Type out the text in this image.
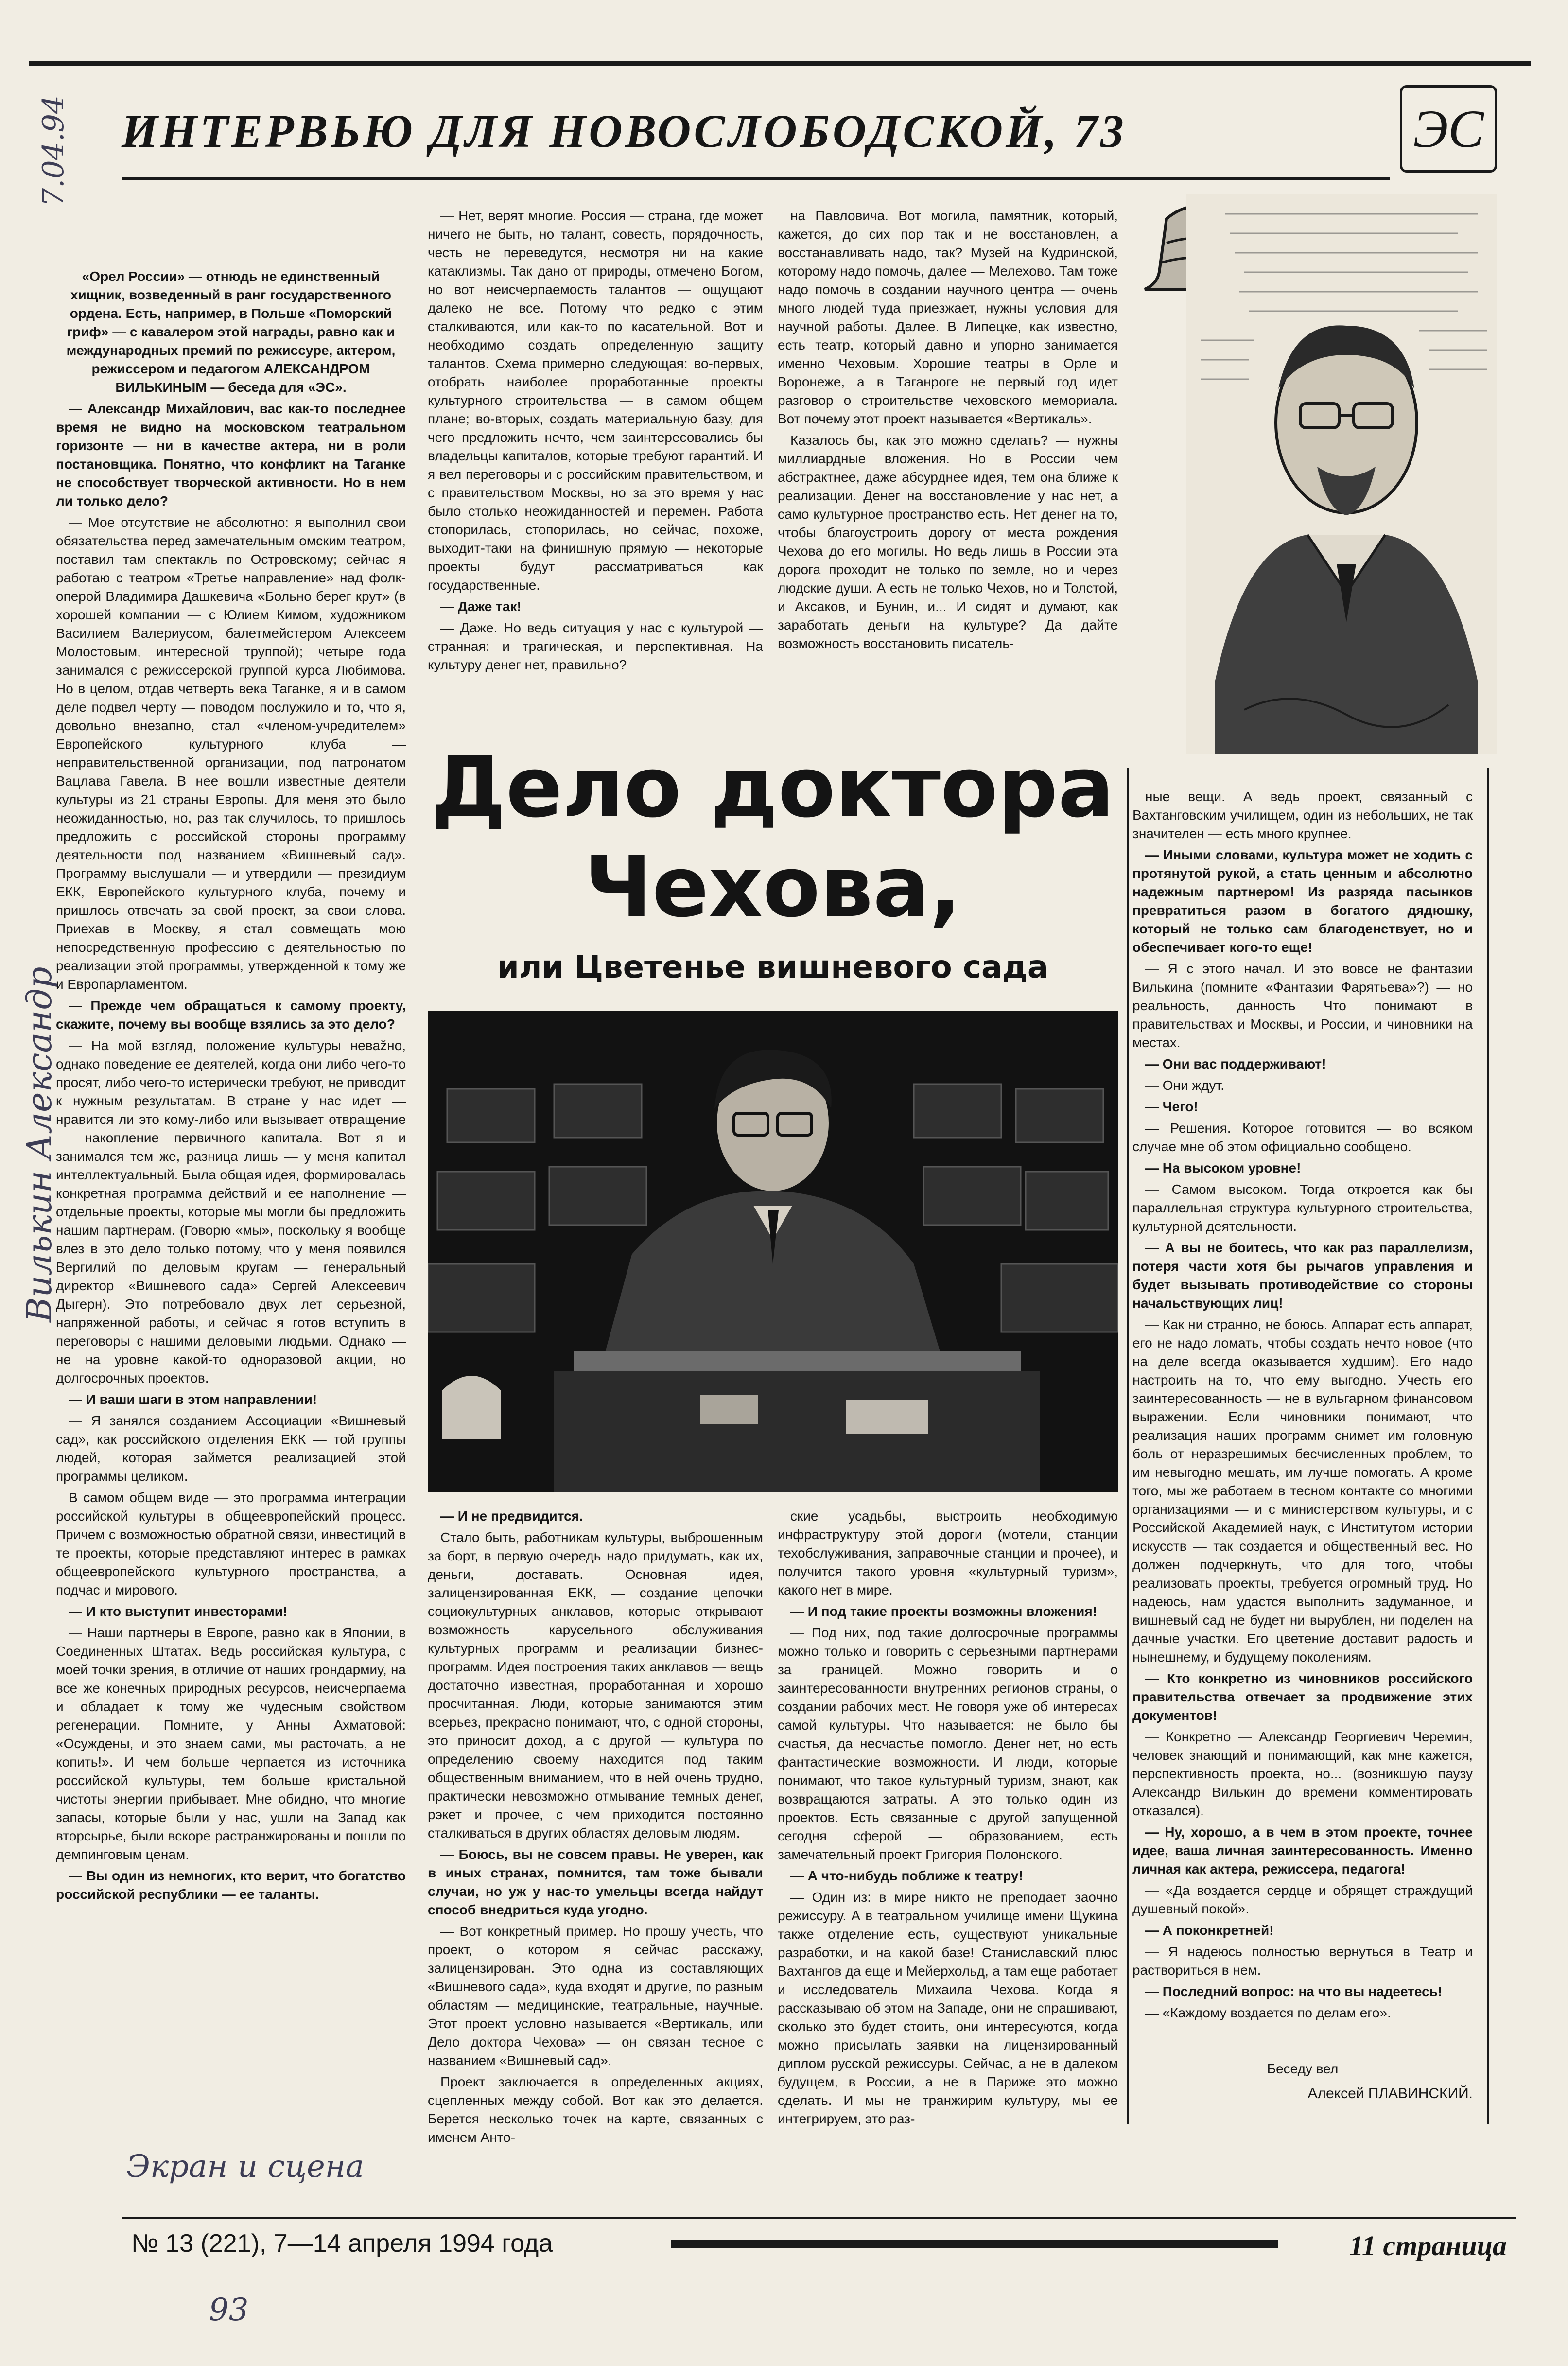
7.04.94
Вилькин Александр
ИНТЕРВЬЮ ДЛЯ НОВОСЛОБОДСКОЙ, 73	ЭС

«Орел России» — отнюдь не единственный хищник, возведенный в ранг государственного ордена. Есть, например, в Польше «Поморский гриф» — с кавалером этой награды, равно как и международных премий по режиссуре, актером, режиссером и педагогом АЛЕКСАНДРОМ ВИЛЬКИНЫМ — беседа для «ЭС».

— Александр Михайлович, вас как-то последнее время не видно на московском театральном горизонте — ни в качестве актера, ни в роли постановщика. Понятно, что конфликт на Таганке не способствует творческой активности. Но в нем ли только дело?

— Мое отсутствие не абсолютно: я выполнил свои обязательства перед замечательным омским театром, поставил там спектакль по Островскому; сейчас я работаю с театром «Третье направление» над фолк-оперой Владимира Дашкевича «Больно берег крут» (в хорошей компании — с Юлием Кимом, художником Василием Валериусом, балетмейстером Алексеем Молостовым, интересной труппой); четыре года занимался с режиссерской группой курса Любимова. Но в целом, отдав четверть века Таганке, я и в самом деле подвел черту — поводом послужило и то, что я, довольно внезапно, стал «членом-учредителем» Европейского культурного клуба — неправительственной организации, под патронатом Вацлава Гавела. В нее вошли известные деятели культуры из 21 страны Европы. Для меня это было неожиданностью, но, раз так случилось, то пришлось предложить с российской стороны программу деятельности под названием «Вишневый сад». Программу выслушали — и утвердили — президиум ЕКК, Европейского культурного клуба, почему и пришлось отвечать за свой проект, за свои слова. Приехав в Москву, я стал совмещать мою непосредственную профессию с деятельностью по реализации этой программы, утвержденной к тому же и Европарламентом.

— Прежде чем обращаться к самому проекту, скажите, почему вы вообще взялись за это дело?

— На мой взгляд, положение культуры невažно, однако поведение ее деятелей, когда они либо чего-то просят, либо чего-то истерически требуют, не приводит к нужным результатам. В стране у нас идет — нравится ли это кому-либо или вызывает отвращение — накопление первичного капитала. Вот я и занимался тем же, разница лишь — у меня капитал интеллектуальный. Была общая идея, формировалась конкретная программа действий и ее наполнение — отдельные проекты, которые мы могли бы предложить нашим партнерам. (Говорю «мы», поскольку я вообще влез в это дело только потому, что у меня появился Вергилий по деловым кругам — генеральный директор «Вишневого сада» Сергей Алексеевич Дыгерн). Это потребовало двух лет серьезной, напряженной работы, и сейчас я готов вступить в переговоры с нашими деловыми людьми. Однако — не на уровне какой-то одноразовой акции, но долгосрочных проектов.

— И ваши шаги в этом направлении!

— Я занялся созданием Ассоциации «Вишневый сад», как российского отделения ЕКК — той группы людей, которая займется реализацией этой программы целиком.

В самом общем виде — это программа интеграции российской культуры в общеевропейский процесс. Причем с возможностью обратной связи, инвестиций в те проекты, которые представляют интерес в рамках общеевропейского культурного пространства, а подчас и мирового.

— И кто выступит инвесторами!

— Наши партнеры в Европе, равно как в Японии, в Соединенных Штатах. Ведь российская культура, с моей точки зрения, в отличие от наших грондармиy, на все же конечных природных ресурсов, неисчерпаема и обладает к тому же чудесным свойством регенерации. Помните, у Анны Ахматовой: «Осуждены, и это знаем сами, мы расточать, а не копить!». И чем больше черпается из источника российской культуры, тем больше кристальной чистоты энергии прибывает. Мне обидно, что многие запасы, которые были у нас, ушли на Запад как вторсырье, были вскоре растранжированы и пошли по демпинговым ценам.

— Вы один из немногих, кто верит, что богатство российской республики — ее таланты.

— Нет, верят многие. Россия — страна, где может ничего не быть, но талант, совесть, порядочность, честь не переведутся, несмотря ни на какие катаклизмы. Так дано от природы, отмечено Богом, но вот неисчерпаемость талантов — ощущают далеко не все. Потому что редко с этим сталкиваются, или как-то по касательной. Вот и необходимо создать определенную защиту талантов. Схема примерно следующая: во-первых, отобрать наиболее проработанные проекты культурного строительства — в самом общем плане; во-вторых, создать материальную базу, для чего предложить нечто, чем заинтересовались бы владельцы капиталов, которые требуют гарантий. И я вел переговоры и с российским правительством, и с правительством Москвы, но за это время у нас было столько неожиданностей и перемен. Работа стопорилась, стопорилась, но сейчас, похоже, выходит-таки на финишную прямую — некоторые проекты будут рассматриваться как государственные.

— Даже так!

— Даже. Но ведь ситуация у нас с культурой — странная: и трагическая, и перспективная. На культуру денег нет, правильно?

на Павловича. Вот могила, памятник, который, кажется, до сих пор так и не восстановлен, а восстанавливать надо, так? Музей на Кудринской, которому надо помочь, далее — Мелехово. Там тоже надо помочь в создании научного центра — очень многo людей туда приезжает, нужны условия для научной работы. Далее. В Липецке, как известно, есть театр, который давно и упорно занимается именно Чеховым. Хорошие театры в Орле и Воронеже, а в Таганроге не первый год идет разговор о строительстве чеховского мемориала. Вот почему этот проект называется «Вертикаль».

Казалось бы, как это можно сделать? — нужны миллиардные вложения. Но в России чем абстрактнее, даже абсурднее идея, тем она ближе к реализации. Денег на восстановление у нас нет, а само культурное пространство есть. Нет денег на то, чтобы благоустроить дорогу от места рождения Чехова до его могилы. Но ведь лишь в России эта дорога проходит не только по земле, но и через людские души. А есть не только Чехов, но и Толстой, и Аксаков, и Бунин, и... И сидят и думают, как заработать деньги на культуре? Да дайте возможность восстановить писатель-

Дело доктора
Чехова,
или Цветенье вишневого сада

— И не предвидится.

Стало быть, работникам культуры, выброшенным за борт, в первую очередь надо придумать, как их, деньги, доставать. Основная идея, залицензированная ЕКК, — создание цепочки социокультурных анклавов, которые открывают возможность карусельного обслуживания культурных программ и реализации бизнес-программ. Идея построения таких анклавов — вещь достаточно известная, проработанная и хорошо просчитанная. Люди, которые занимаются этим всерьез, прекрасно понимают, что, с одной стороны, это приносит доход, а с другой — культура по определению своему находится под таким общественным вниманием, что в ней очень трудно, практически невозможно отмывание темных денег, рэкет и прочее, с чем приходится постоянно сталкиваться в других областях деловым людям.

— Боюсь, вы не совсем правы. Не уверен, как в иных странах, помнится, там тоже бывали случаи, но уж у наc-то умельцы всегда найдут способ внедриться куда угодно.

— Вот конкретный пример. Но прошу учесть, что проект, о котором я сейчас расскажу, залицензирован. Это одна из составляющих «Вишневого сада», куда входят и другие, по разным областям — медицинские, театральные, научные. Этот проект условно называется «Вертикаль, или Дело доктора Чехова» — он связан тесное с названием «Вишневый сад».

Проект заключается в определенных акциях, сцепленных между собой. Вот как это делается. Берется несколько точек на карте, связанных с именем Анто-

ские усадьбы, выстроить необходимую инфраструктуру этой дороги (мотели, станции техобслуживания, заправочные станции и прочее), и получится такого уровня «культурный туризм», какого нет в мире.

— И под такие проекты возможны вложения!

— Под них, под такие долгосрочные программы можно только и говорить с серьезными партнерами за границей. Можно говорить и о заинтересованности внутренних регионов страны, о создании рабочих мест. Не говоря уже об интересах самой культуры. Что называется: не было бы счастья, да несчастье помогло. Денег нет, но есть фантастические возможности. И люди, которые понимают, что такое культурный туризм, знают, как возвращаются затраты. А это только один из проектов. Есть связанные с другой запущенной сегодня сферой — образованием, есть замечательный проект Григория Полонского.

— А что-нибудь поближе к театру!

— Один из: в мире никто не преподает заочно режиссуру. А в театральном училище имени Щукина также отделение есть, существуют уникальные разработки, и на какой базе! Станиславский плюс Вахтангов да еще и Мейерхольд, а там еще работает и исследователь Михаила Чехова. Когда я рассказываю об этом на Западе, они не спрашивают, сколько это будет стоить, они интересуются, когда можно присылать заявки на лицензированный диплом русской режиссуры. Сейчас, а не в далеком будущем, в России, а не в Париже это можно сделать. И мы не транжирим культуру, мы ее интегрируем, это раз-

ные вещи. А ведь проект, связанный с Вахтанговским училищем, один из небольших, не так значителен — есть много крупнее.

— Иными словами, культура может не ходить с протянутой рукой, а стать ценным и абсолютно надежным партнером! Из разряда пасынков превратиться разом в богатого дядюшку, который не только сам благоденствует, но и обеспечивает кого-то еще!

— Я с этого начал. И это вовсе не фантазии Вилькина (помните «Фантазии Фарятьева»?) — но реальность, данность Что понимают в правительствах и Москвы, и России, и чиновники на местах.

— Они вас поддерживают!

— Они ждут.

— Чего!

— Решения. Которое готовится — во всяком случае мне об этом официально сообщено.

— На высоком уровне!

— Самом высоком. Тогда откроется как бы параллельная структура культурного строительства, культурной деятельности.

— А вы не боитесь, что как раз параллелизм, потеря части хотя бы рычагов управления и будет вызывать противодействие со стороны начальствующих лиц!

— Как ни странно, не боюсь. Аппарат есть аппарат, его не надо ломать, чтобы создать нечто новое (что на деле всегда оказывается худшим). Его надо настроить на то, что ему выгодно. Учесть его заинтересованность — не в вульгарном финансовом выражении. Если чиновники понимают, что реализация наших программ снимет им головную боль от неразрешимых бесчисленных проблем, то им невыгодно мешать, им лучше помогать. А кроме того, мы же работаем в тесном контакте со многими организациями — и с министерством культуры, и с Российской Академией наук, с Институтом истории искусств — так создается и общественный вес. Но должен подчеркнуть, что для того, чтобы реализовать проекты, требуется огромный труд. Но надеюсь, нам удастся выполнить задуманное, и вишневый сад не будет ни вырублен, ни поделен на дачные участки. Его цветение доставит радость и нынешнему, и будущему поколениям.

— Кто конкретно из чиновников российского правительства отвечает за продвижение этих документов!

— Конкретно — Александр Георгиевич Черемин, человек знающий и понимающий, как мне кажется, перспективность проекта, но... (возникшую паузу Александр Вилькин до времени комментировать отказался).

— Ну, хорошо, а в чем в этом проекте, точнее идее, ваша личная заинтересованность. Именно личная как актера, режиссера, педагога!

— «Да воздается сердце и обрящет страждущий душевный покой».

— А поконкретней!

— Я надеюсь полностью вернуться в Театр и раствориться в нем.

— Последний вопрос: на что вы надеетесь!

— «Каждому воздается по делам его».

Беседу вел
Алексей ПЛАВИНСКИЙ.
Экран и сцена
93
№ 13 (221), 7—14 апреля 1994 года	11 страница
